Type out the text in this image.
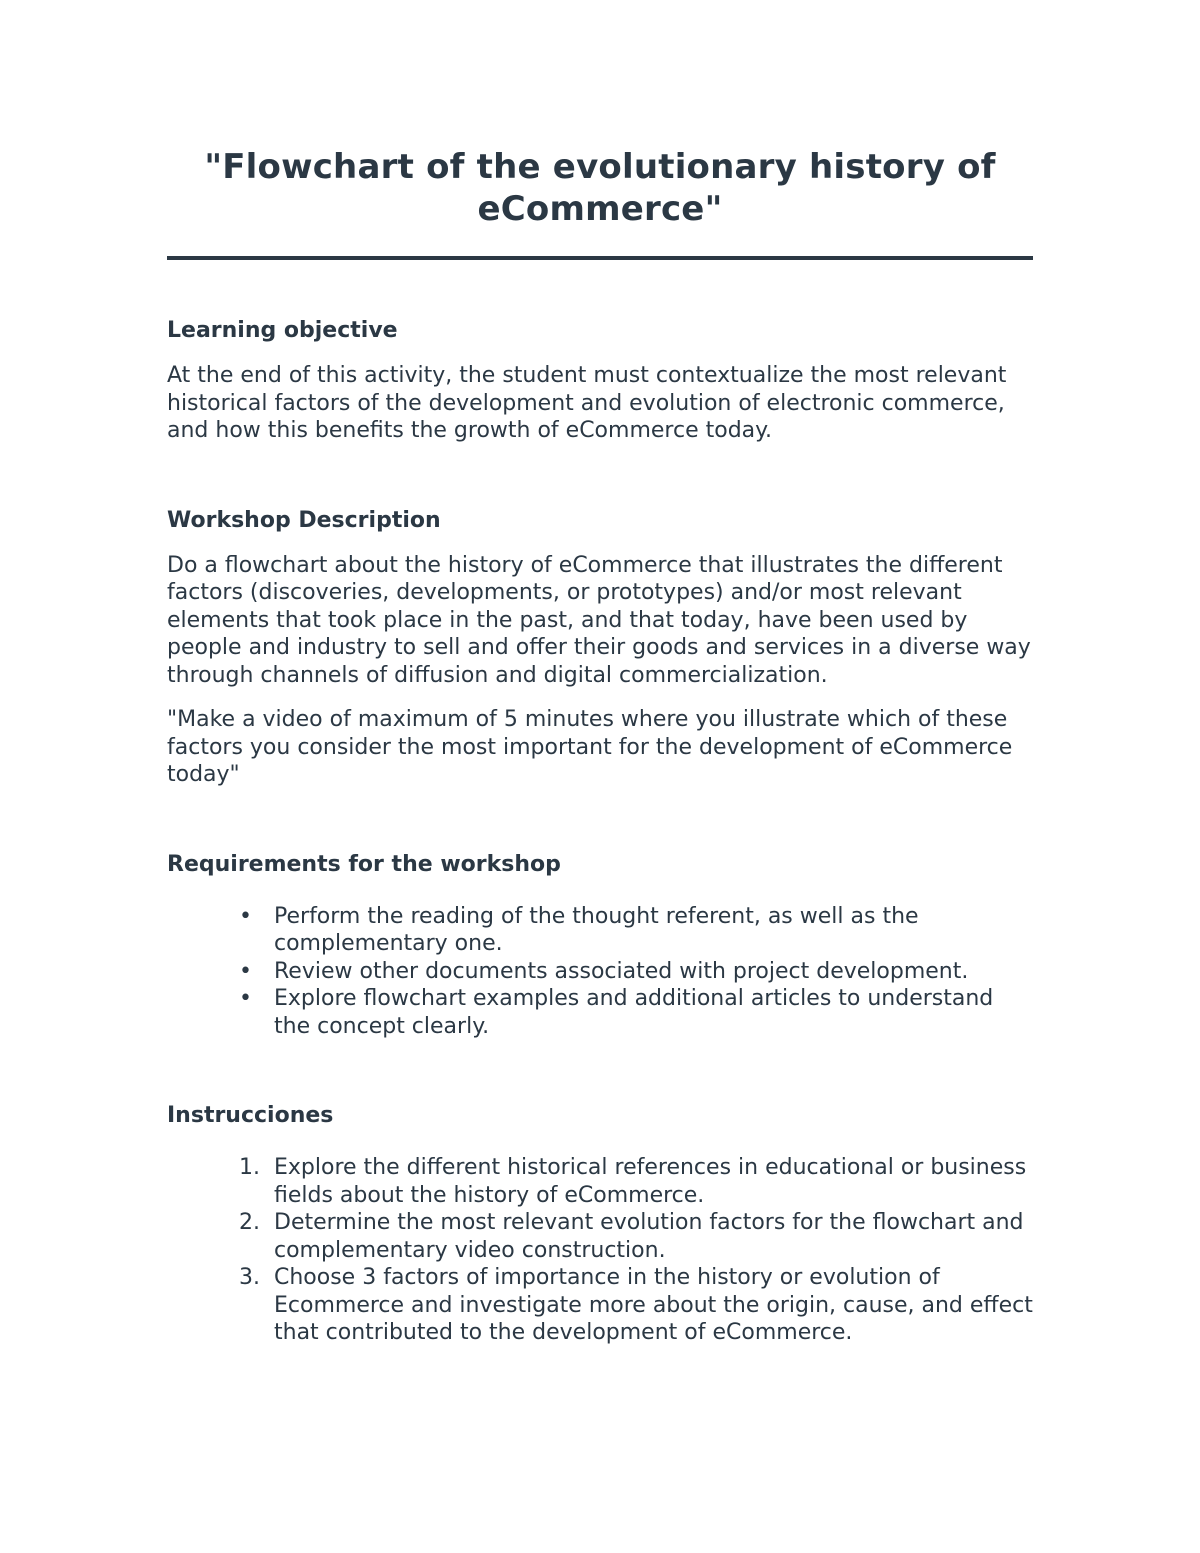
"Flowchart of the evolutionary history of eCommerce"

Learning objective

At the end of this activity, the student must contextualize the most relevant historical factors of the development and evolution of electronic commerce, and how this benefits the growth of eCommerce today.

Workshop Description

Do a flowchart about the history of eCommerce that illustrates the different factors (discoveries, developments, or prototypes) and/or most relevant elements that took place in the past, and that today, have been used by people and industry to sell and offer their goods and services in a diverse way through channels of diffusion and digital commercialization.

"Make a video of maximum of 5 minutes where you illustrate which of these factors you consider the most important for the development of eCommerce today"

Requirements for the workshop

•	Perform the reading of the thought referent, as well as the complementary one.
•	Review other documents associated with project development.
•	Explore flowchart examples and additional articles to understand the concept clearly.

Instrucciones

1. Explore the different historical references in educational or business fields about the history of eCommerce.
2. Determine the most relevant evolution factors for the flowchart and complementary video construction.
3. Choose 3 factors of importance in the history or evolution of Ecommerce and investigate more about the origin, cause, and effect that contributed to the development of eCommerce.
